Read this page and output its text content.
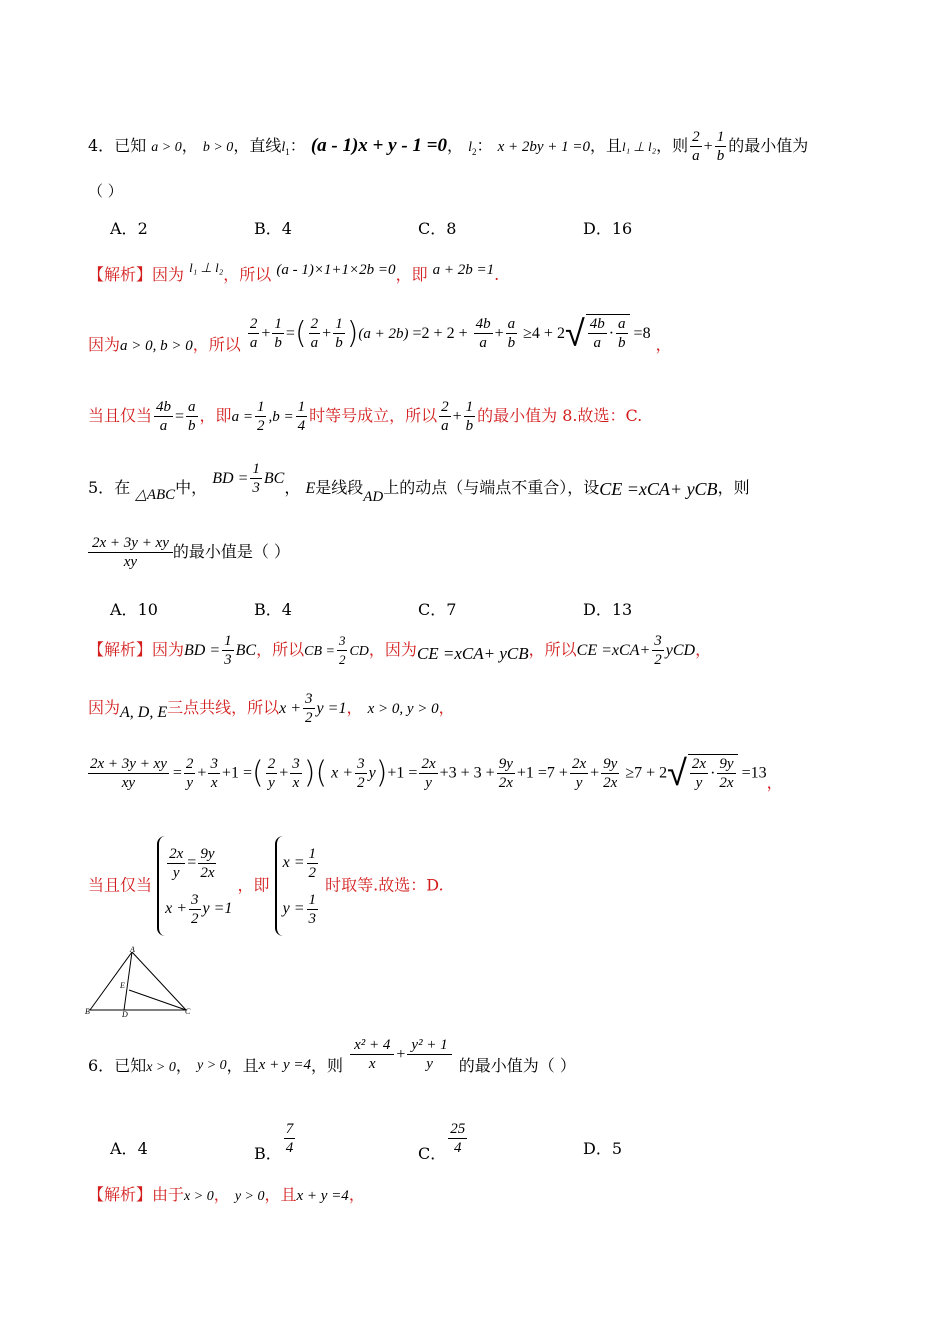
4．已知 a > 0， b > 0，直线$l_1$： (a - 1)x + y - 1 =0， $l_2$： x + 2by + 1 =0，且l₁ ⊥ l₂，则 $\frac{2}{a} + \frac{1}{b}$ 的最小值为
（ ）
A．2	B．4	C．8	D．16
【解析】因为 $^{l_1 \perp l_2}$，所以 (a - 1)×1+1×2b =0，即 a + 2b =1.
因为a > 0, b > 0，所以 $\frac{2}{a} + \frac{1}{b}$ =( $\frac{2}{a} + \frac{1}{b} )(a + 2b) =2 + 2 + \frac{4b}{a} + \frac{a}{b} \ge 4 + 2√ \frac{4b}{a} \cdot \frac{a}{b} =8$ ，
当且仅当 $\frac{4b}{a} = \frac{a}{b}$ ，即$a = \frac{1}{2} ,b = \frac{1}{4}$ 时等号成立，所以 $\frac{2}{a} + \frac{1}{b}$ 的最小值为 8.故选：C.
5．在 △ABC中， BD = $\frac{1}{3}$ BC， E是线段AD上的动点（与端点不重合），设CE =xCA+ yCB，则
$\frac{2x + 3y + xy}{xy}$ 的最小值是（ ）
A．10	B．4	C．7	D．13
【解析】因为BD = $\frac{1}{3}$ BC，所以CB = $\frac{3}{2}$ CD，因为CE =xCA+ yCB，所以CE $=xCA+ \frac{3}{2}$ yCD，
因为A, D, E三点共线，所以$x + \frac{3}{2}$ y =1， x > 0, y > 0，
$\frac{2x + 3y + xy}{xy} = \frac{2}{y} + \frac{3}{x} +1$ =( $\frac{2}{y} + \frac{3}{x}$ )( $x + \frac{3}{2} y)+1 = \frac{2x}{y} +3 + 3 + \frac{9y}{2x} +1 =7 + \frac{2x}{y} + \frac{9y}{2x} \ge 7 + 2√ \frac{2x}{y} \cdot \frac{9y}{2x} =13$，
当且仅当
$\frac{2x}{y} = \frac{9y}{2x}$
$x + \frac{3}{2}$ y =1
，即
$x = \frac{1}{2}$
$y = \frac{1}{3}$
时取等.故选：D.
A
B	C
D
E
6．已知x > 0， y > 0，且x + y =4，则 $\frac{\text{x² + 4}}{x} + \frac{\text{y² + 1}}{y}$ 的最小值为（ ）
A．4	B． $\frac{7}{4}$	C． $\frac{25}{4}$	D．5
【解析】由于x > 0， y > 0，且x + y =4，
